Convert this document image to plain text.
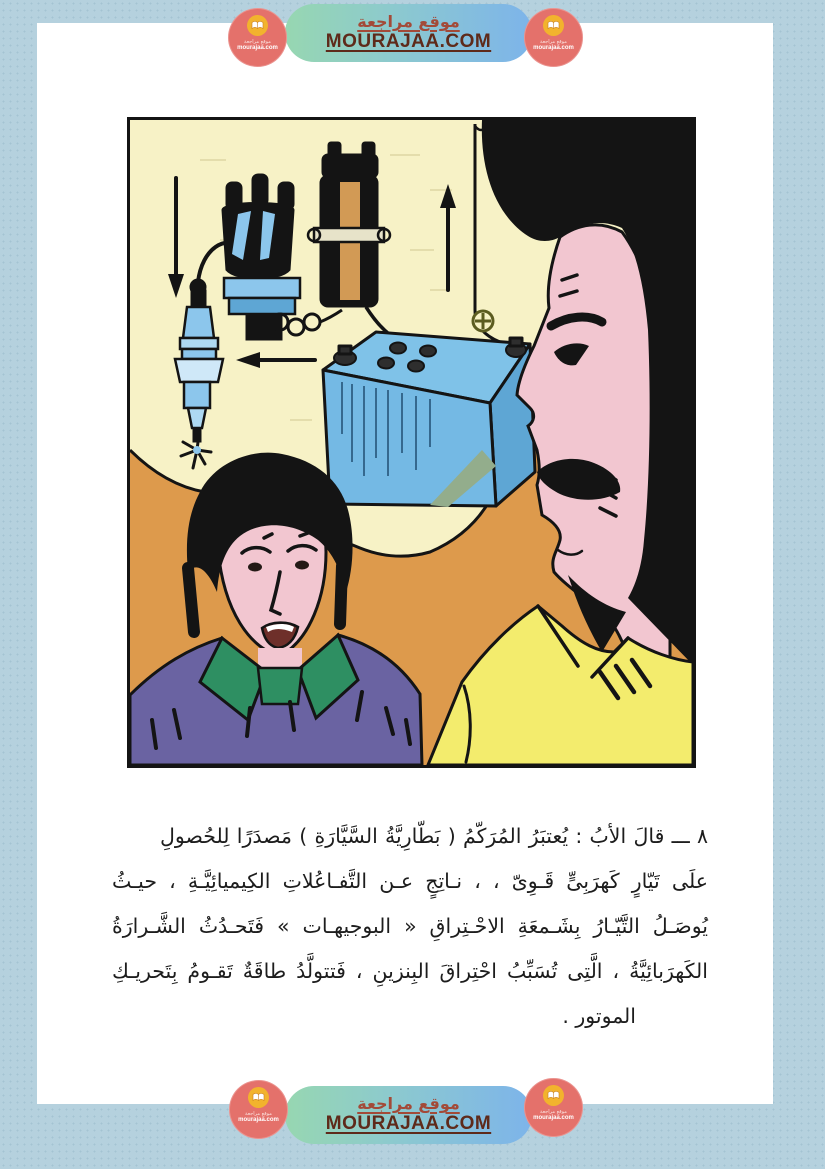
موقع مراجعة
MOURAJAA.COM
موقع مراجعة
mourajaa.com
موقع مراجعة
mourajaa.com
٨ ـــ قالَ الأبُ : يُعتبَرُ المُرَكّمُ ( بَطّارِيَّةُ السَّيَّارَةِ ) مَصدَرًا لِلحُصولِ
علَى تَيّارٍ كَهرَبِىٍّ قَـوِىّ ، ، نـاتِجٍ عـن التَّفـاعُلاتِ الكِيميائِيَّـةِ ، حيـثُ
يُوصَـلُ التَّيّـارُ بِشَـمعَةِ الاحْـتِراقِ « البوجيهـات » فَتَحـدُثُ الشَّـرارَةُ
الكَهرَبائِيَّةُ ، الَّتِى تُسَبِّبُ احْتِراقَ البِنزينِ ، فَتتولَّدُ طاقَةٌ تَقـومُ بِتَحريـكِ
الموتور .
موقع مراجعة
MOURAJAA.COM
موقع مراجعة
mourajaa.com
موقع مراجعة
mourajaa.com
